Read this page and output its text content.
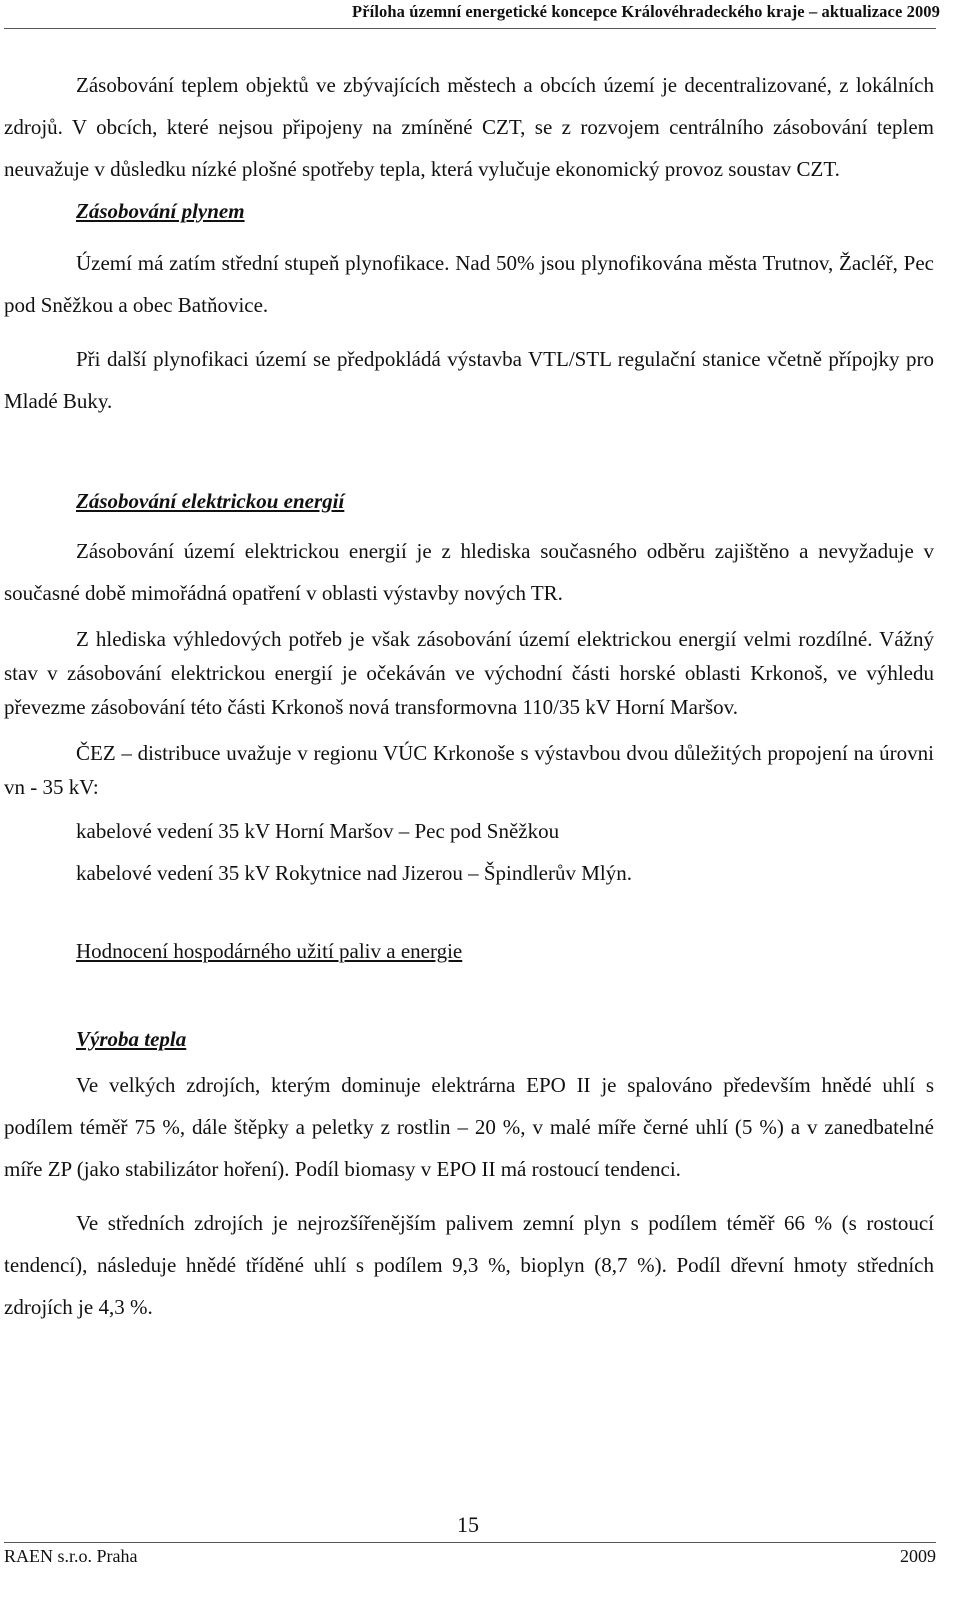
Příloha územní energetické koncepce Královéhradeckého kraje – aktualizace 2009

Zásobování teplem objektů ve zbývajících městech a obcích území je decentralizované, z lokálních zdrojů. V obcích, které nejsou připojeny na zmíněné CZT, se z rozvojem centrálního zásobování teplem neuvažuje v důsledku nízké plošné spotřeby tepla, která vylučuje ekonomický provoz soustav CZT.

Zásobování plynem

Území má zatím střední stupeň plynofikace. Nad 50% jsou plynofikována města Trutnov, Žacléř, Pec pod Sněžkou a obec Batňovice.

Při další plynofikaci území se předpokládá výstavba VTL/STL regulační stanice včetně přípojky pro Mladé Buky.

Zásobování elektrickou energií

Zásobování území elektrickou energií je z hlediska současného odběru zajištěno a nevyžaduje v současné době mimořádná opatření v oblasti výstavby nových TR.

Z hlediska výhledových potřeb je však zásobování území elektrickou energií velmi rozdílné. Vážný stav v zásobování elektrickou energií je očekáván ve východní části horské oblasti Krkonoš, ve výhledu převezme zásobování této části Krkonoš nová transformovna 110/35 kV Horní Maršov.

ČEZ – distribuce uvažuje v regionu VÚC Krkonoše s výstavbou dvou důležitých propojení na úrovni vn - 35 kV:

kabelové vedení 35 kV Horní Maršov – Pec pod Sněžkou

kabelové vedení 35 kV Rokytnice nad Jizerou – Špindlerův Mlýn.

Hodnocení hospodárného užití paliv a energie

Výroba tepla

Ve velkých zdrojích, kterým dominuje elektrárna EPO II je spalováno především hnědé uhlí s podílem téměř 75 %, dále štěpky a peletky z rostlin – 20 %, v malé míře černé uhlí (5 %) a v zanedbatelné míře ZP (jako stabilizátor hoření). Podíl biomasy v EPO II má rostoucí tendenci.

Ve středních zdrojích je nejrozšířenějším palivem zemní plyn s podílem téměř 66 % (s rostoucí tendencí), následuje hnědé tříděné uhlí s podílem 9,3 %, bioplyn (8,7 %). Podíl dřevní hmoty středních zdrojích je 4,3 %.

15
RAEN s.r.o. Praha	2009
